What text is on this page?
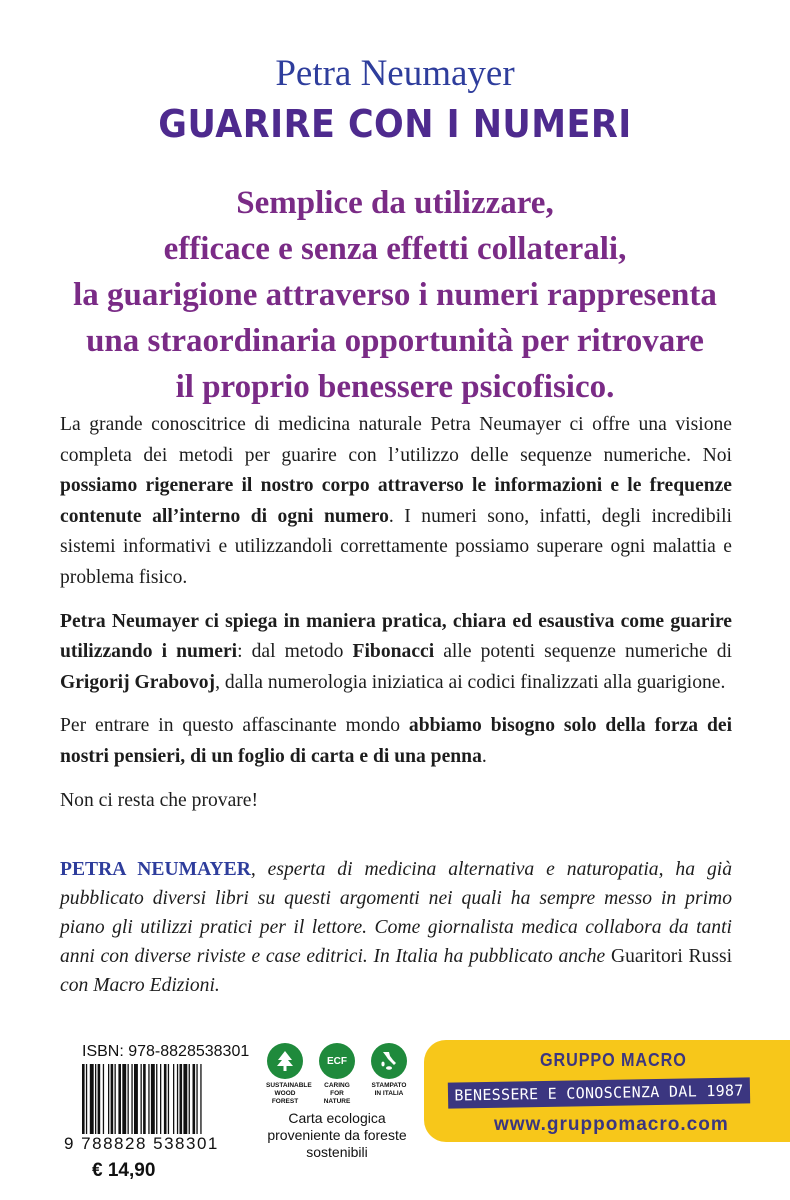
Petra Neumayer
GUARIRE CON I NUMERI
Semplice da utilizzare,
efficace e senza effetti collaterali,
la guarigione attraverso i numeri rappresenta
una straordinaria opportunità per ritrovare
il proprio benessere psicofisico.

La grande conoscitrice di medicina naturale Petra Neumayer ci offre una visione completa dei metodi per guarire con l’utilizzo delle sequenze numeriche. Noi possiamo rigenerare il nostro corpo attraverso le informazioni e le frequenze contenute all’interno di ogni numero. I numeri sono, infatti, degli incredibili sistemi informativi e utilizzandoli correttamente possiamo superare ogni malattia e problema fisico.

Petra Neumayer ci spiega in maniera pratica, chiara ed esaustiva come guarire utilizzando i numeri: dal metodo Fibonacci alle potenti sequenze numeriche di Grigorij Grabovoj, dalla numerologia iniziatica ai codici finalizzati alla guarigione.

Per entrare in questo affascinante mondo abbiamo bisogno solo della forza dei nostri pensieri, di un foglio di carta e di una penna.

Non ci resta che provare!

PETRA NEUMAYER, esperta di medicina alternativa e naturopatia, ha già pubblicato diversi libri su questi argomenti nei quali ha sempre messo in primo piano gli utilizzi pratici per il lettore. Come giornalista medica collabora da tanti anni con diverse riviste e case editrici. In Italia ha pubblicato anche Guaritori Russi con Macro Edizioni.
ISBN: 978-8828538301
9 788828 538301
€ 14,90
SUSTAINABLE WOOD FOREST
ECF
CARING FOR NATURE
STAMPATO IN ITALIA
Carta ecologica proveniente da foreste sostenibili
GRUPPO MACRO
BENESSERE E CONOSCENZA DAL 1987
www.gruppomacro.com
